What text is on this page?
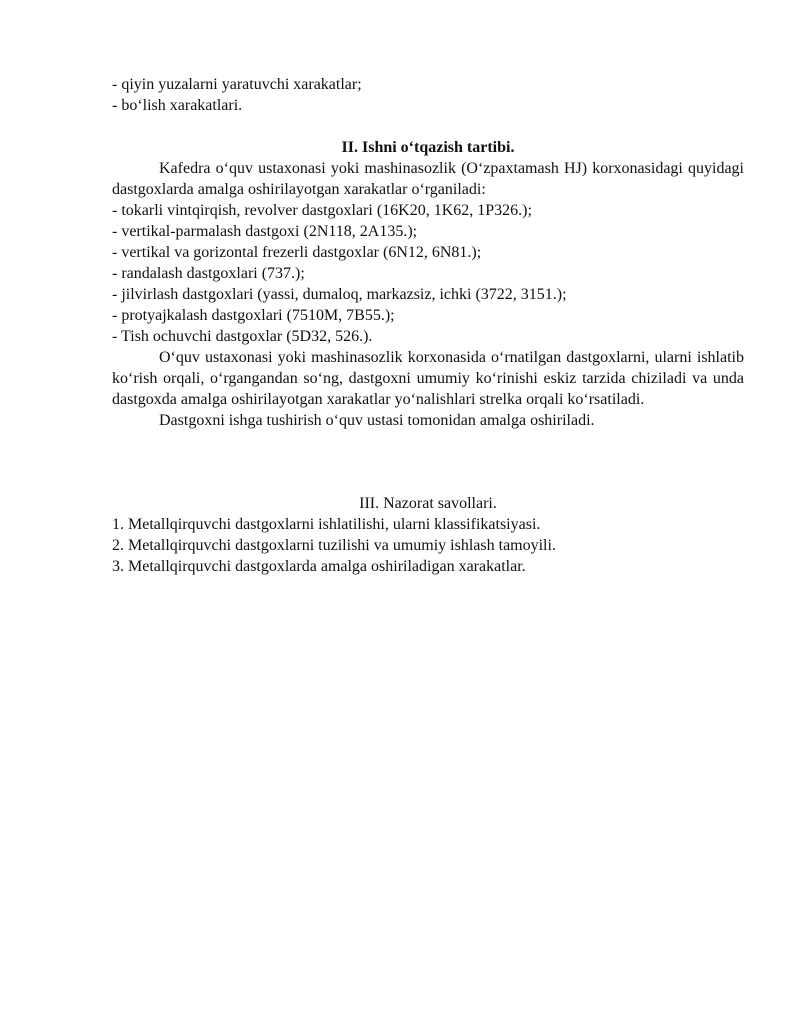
- qiyin yuzalarni yaratuvchi xarakatlar;
- bo‘lish xarakatlari.

II. Ishni o‘tqazish tartibi.

Kafedra o‘quv ustaxonasi yoki mashinasozlik (O‘zpaxtamash HJ) korxonasidagi quyidagi dastgoxlarda amalga oshirilayotgan xarakatlar o‘rganiladi:

- tokarli vintqirqish, revolver dastgoxlari (16K20, 1K62, 1P326.);
- vertikal-parmalash dastgoxi (2N118, 2A135.);
- vertikal va gorizontal frezerli dastgoxlar (6N12, 6N81.);
- randalash dastgoxlari (737.);
- jilvirlash dastgoxlari (yassi, dumaloq, markazsiz, ichki (3722, 3151.);
- protyajkalash dastgoxlari (7510M, 7B55.);
- Tish ochuvchi dastgoxlar (5D32, 526.).

O‘quv ustaxonasi yoki mashinasozlik korxonasida o‘rnatilgan dastgoxlarni, ularni ishlatib ko‘rish orqali, o‘rgangandan so‘ng, dastgoxni umumiy ko‘rinishi eskiz tarzida chiziladi va unda dastgoxda amalga oshirilayotgan xarakatlar yo‘nalishlari strelka orqali ko‘rsatiladi.

Dastgoxni ishga tushirish o‘quv ustasi tomonidan amalga oshiriladi.

III. Nazorat savollari.

1. Metallqirquvchi dastgoxlarni ishlatilishi, ularni klassifikatsiyasi.
2. Metallqirquvchi dastgoxlarni tuzilishi va umumiy ishlash tamoyili.
3. Metallqirquvchi dastgoxlarda amalga oshiriladigan xarakatlar.
